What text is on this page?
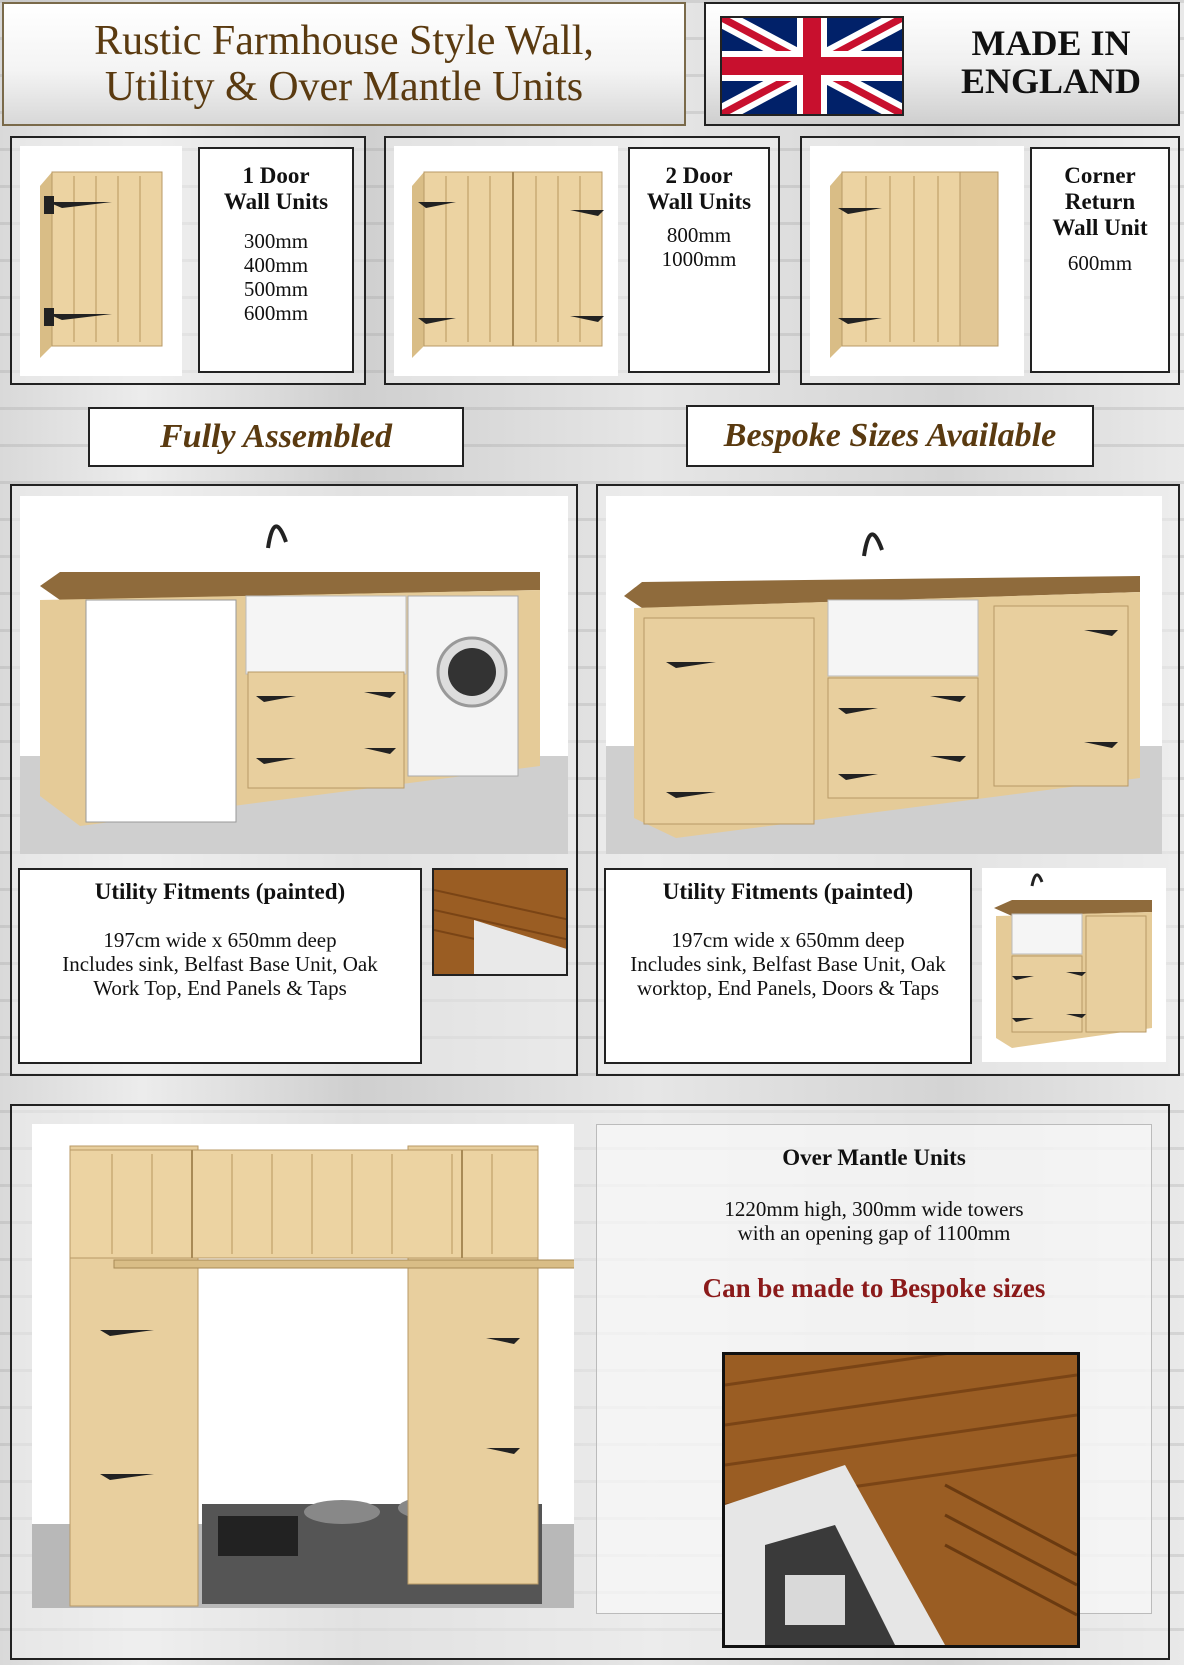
Rustic Farmhouse Style Wall,
Utility & Over Mantle Units
MADE IN
ENGLAND
1 Door
Wall Units
300mm
400mm
500mm
600mm
2 Door
Wall Units
800mm
1000mm
Corner
Return
Wall Unit
600mm
Fully Assembled	Bespoke Sizes Available
Utility Fitments (painted)
197cm wide x 650mm deep
Includes sink, Belfast Base Unit, Oak
Work Top, End Panels & Taps
Utility Fitments (painted)
197cm wide x 650mm deep
Includes sink, Belfast Base Unit, Oak
worktop, End Panels, Doors & Taps
Over Mantle Units
1220mm high, 300mm wide towers
with an opening gap of 1100mm
Can be made to Bespoke sizes
